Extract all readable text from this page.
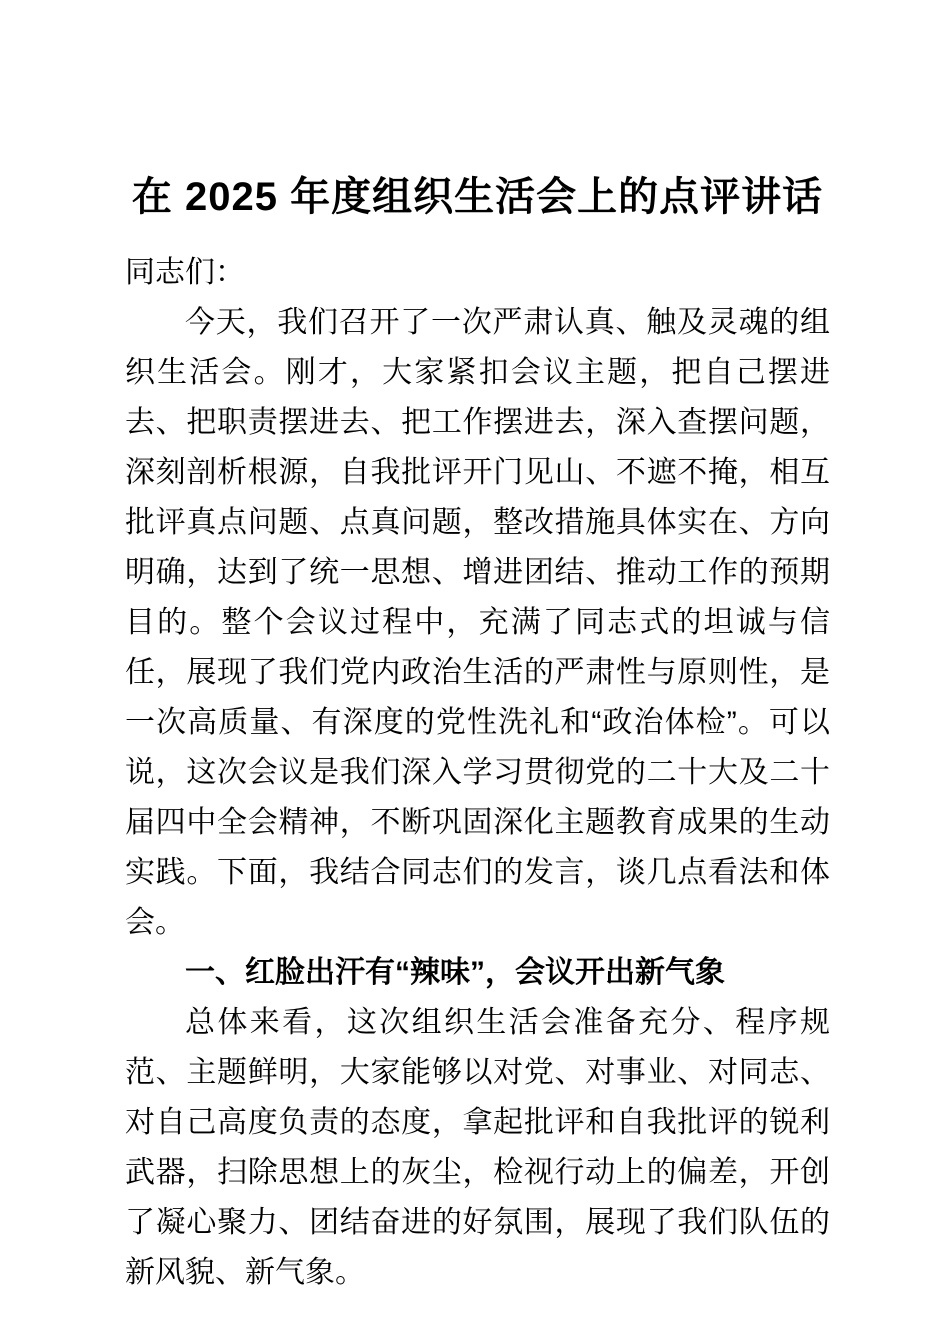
在 2025 年度组织生活会上的点评讲话

同志们：

今天，我们召开了一次严肃认真、触及灵魂的组织生活会。刚才，大家紧扣会议主题，把自己摆进去、把职责摆进去、把工作摆进去，深入查摆问题，深刻剖析根源，自我批评开门见山、不遮不掩，相互批评真点问题、点真问题，整改措施具体实在、方向明确，达到了统一思想、增进团结、推动工作的预期目的。整个会议过程中，充满了同志式的坦诚与信任，展现了我们党内政治生活的严肃性与原则性，是一次高质量、有深度的党性洗礼和“政治体检”。可以说，这次会议是我们深入学习贯彻党的二十大及二十届四中全会精神，不断巩固深化主题教育成果的生动实践。下面，我结合同志们的发言，谈几点看法和体会。

一、红脸出汗有“辣味”，会议开出新气象

总体来看，这次组织生活会准备充分、程序规范、主题鲜明，大家能够以对党、对事业、对同志、对自己高度负责的态度，拿起批评和自我批评的锐利武器，扫除思想上的灰尘，检视行动上的偏差，开创了凝心聚力、团结奋进的好氛围，展现了我们队伍的新风貌、新气象。
